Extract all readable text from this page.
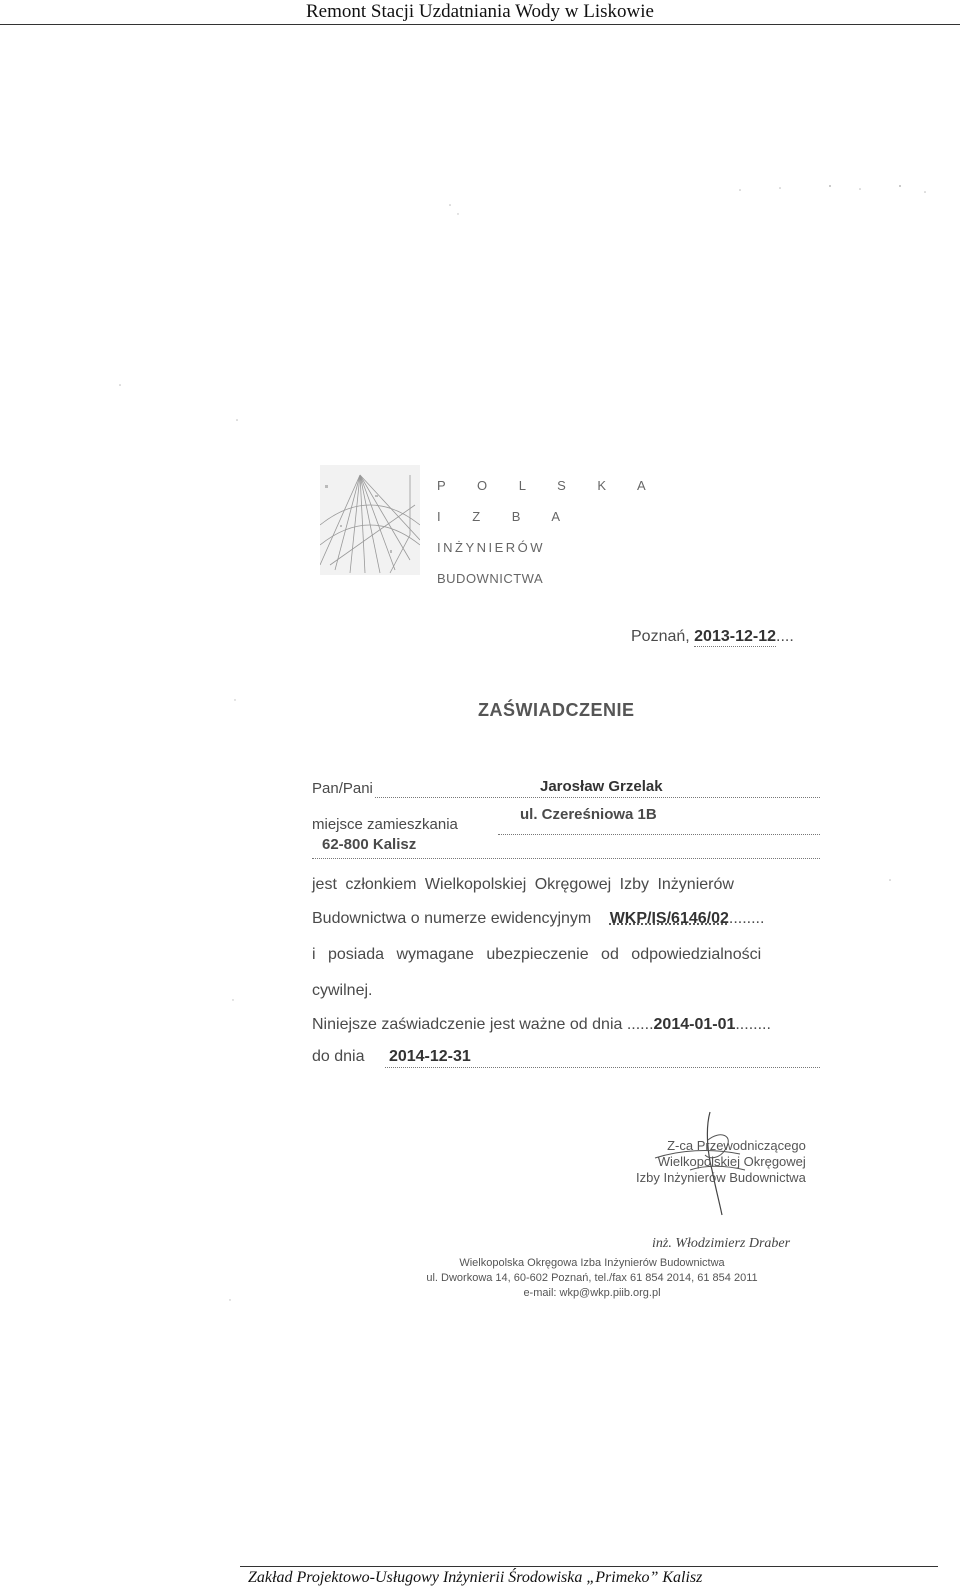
Remont Stacji Uzdatniania Wody w Liskowie
P O L S K A
I Z B A
INŻYNIERÓW
BUDOWNICTWA
Poznań, 2013-12-12....
ZAŚWIADCZENIE
Pan/Pani	Jarosław Grzelak
miejsce zamieszkania
ul. Czereśniowa 1B
62-800 Kalisz
jest członkiem Wielkopolskiej Okręgowej Izby Inżynierów
Budownictwa o numerze ewidencyjnym WKP/IS/6146/02........
i posiada wymagane ubezpieczenie od odpowiedzialności
cywilnej.
Niniejsze zaświadczenie jest ważne od dnia ......2014-01-01........
do dnia 2014-12-31
Z-ca Przewodniczącego
Wielkopolskiej Okręgowej
Izby Inżynierów Budownictwa
inż. Włodzimierz Draber
Wielkopolska Okręgowa Izba Inżynierów Budownictwa
ul. Dworkowa 14, 60-602 Poznań, tel./fax 61 854 2014, 61 854 2011
e-mail: wkp@wkp.piib.org.pl
Zakład Projektowo-Usługowy Inżynierii Środowiska „Primeko” Kalisz
